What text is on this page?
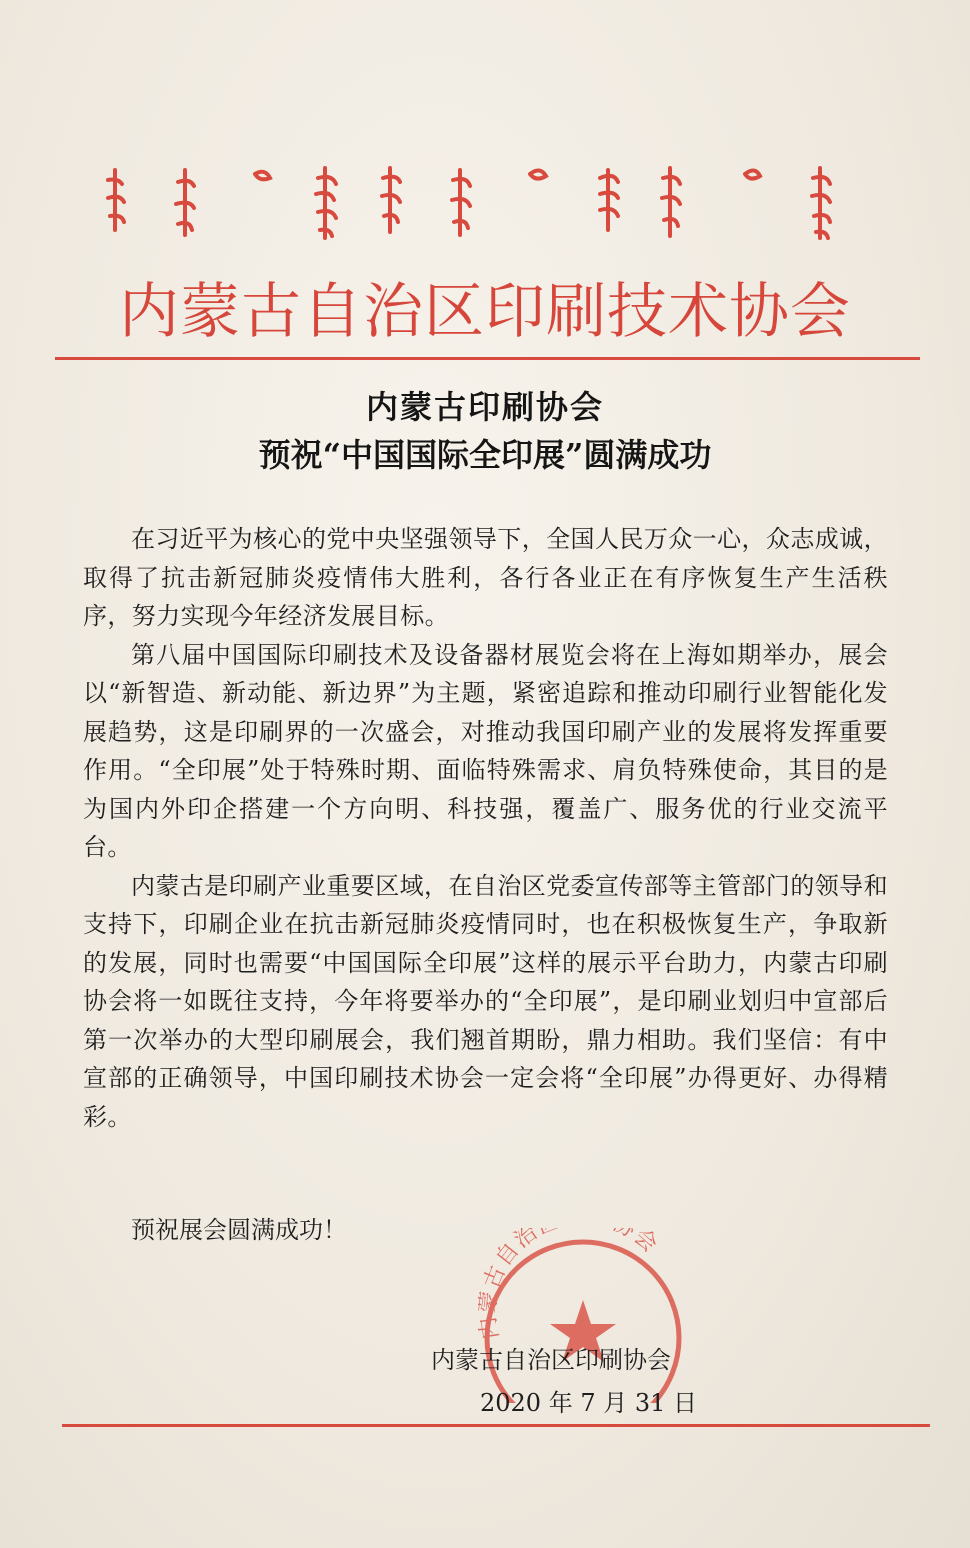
内蒙古自治区印刷技术协会
内蒙古印刷协会
预祝“中国国际全印展”圆满成功

在习近平为核心的党中央坚强领导下，全国人民万众一心，众志成诚，取得了抗击新冠肺炎疫情伟大胜利，各行各业正在有序恢复生产生活秩序，努力实现今年经济发展目标。

第八届中国国际印刷技术及设备器材展览会将在上海如期举办，展会以“新智造、新动能、新边界”为主题，紧密追踪和推动印刷行业智能化发展趋势，这是印刷界的一次盛会，对推动我国印刷产业的发展将发挥重要作用。“全印展”处于特殊时期、面临特殊需求、肩负特殊使命，其目的是为国内外印企搭建一个方向明、科技强，覆盖广、服务优的行业交流平台。

内蒙古是印刷产业重要区域，在自治区党委宣传部等主管部门的领导和支持下，印刷企业在抗击新冠肺炎疫情同时，也在积极恢复生产，争取新的发展，同时也需要“中国国际全印展”这样的展示平台助力，内蒙古印刷协会将一如既往支持，今年将要举办的“全印展”，是印刷业划归中宣部后第一次举办的大型印刷展会，我们翘首期盼，鼎力相助。我们坚信：有中宣部的正确领导，中国印刷技术协会一定会将“全印展”办得更好、办得精彩。

预祝展会圆满成功！
内蒙古自治 会
内蒙古自治区印刷协会
2020 年 7 月 31 日
